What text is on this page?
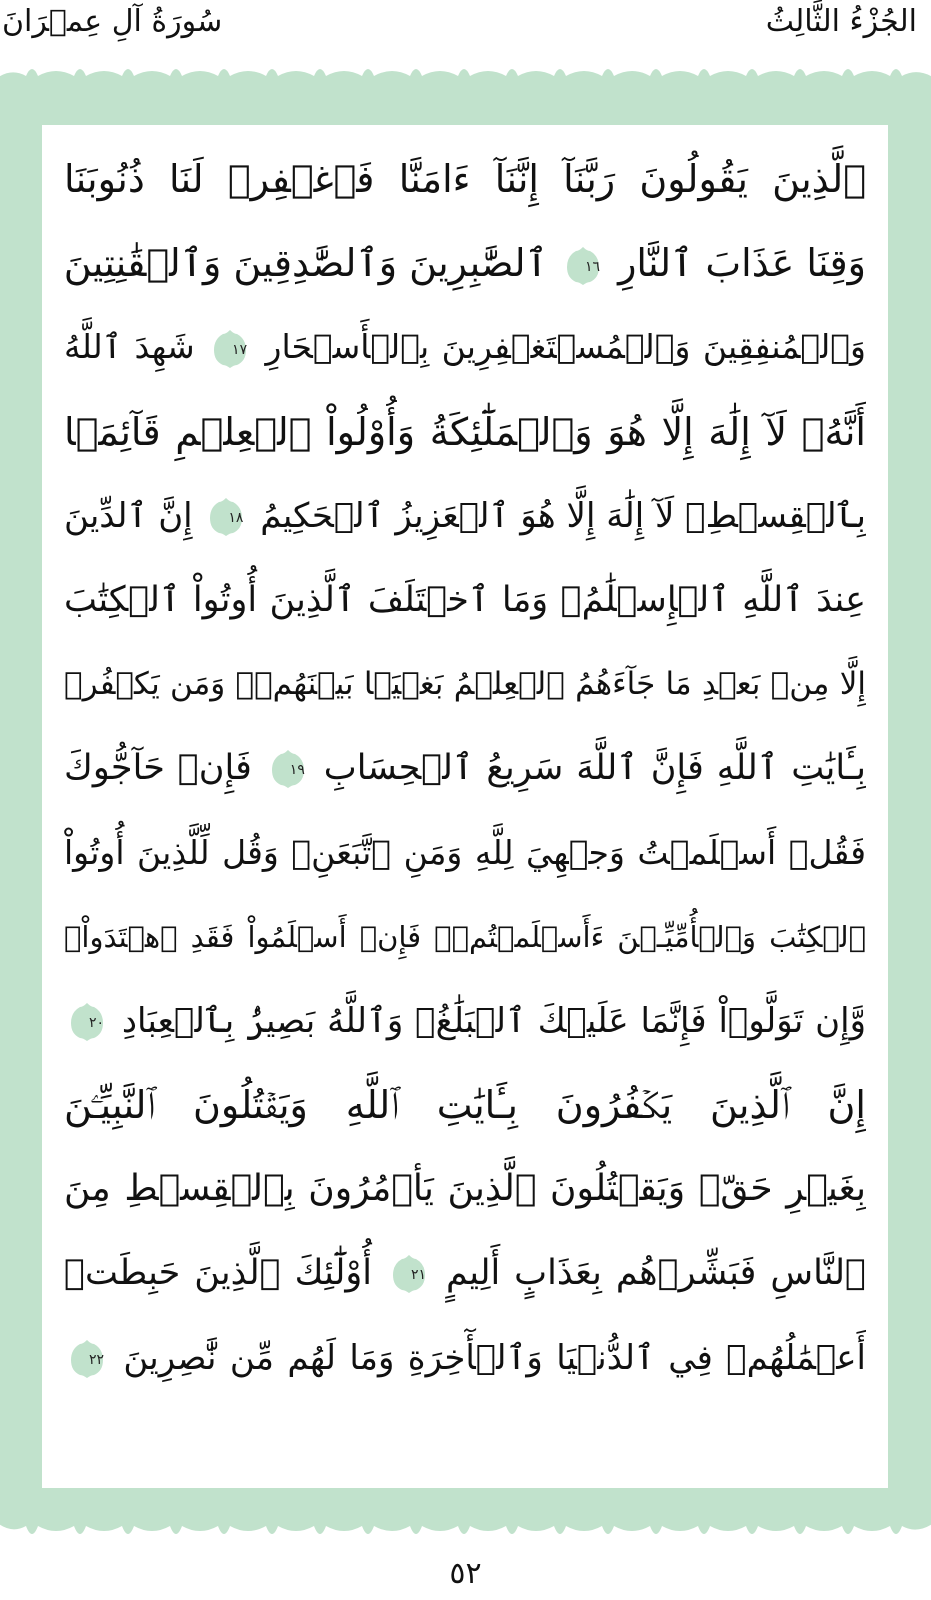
الجُزْءُ الثَّالِثُ
سُورَةُ آلِ عِمۡرَانَ
ٱلَّذِينَ يَقُولُونَ رَبَّنَآ إِنَّنَآ ءَامَنَّا فَٱغۡفِرۡ لَنَا ذُنُوبَنَا
وَقِنَا عَذَابَ ٱلنَّارِ
١٦
ٱلصَّٰبِرِينَ وَٱلصَّٰدِقِينَ وَٱلۡقَٰنِتِينَ
وَٱلۡمُنفِقِينَ وَٱلۡمُسۡتَغۡفِرِينَ بِٱلۡأَسۡحَارِ
١٧
شَهِدَ ٱللَّهُ
أَنَّهُۥ لَآ إِلَٰهَ إِلَّا هُوَ وَٱلۡمَلَٰٓئِكَةُ وَأُوْلُواْ ٱلۡعِلۡمِ قَآئِمَۢا
بِٱلۡقِسۡطِۚ لَآ إِلَٰهَ إِلَّا هُوَ ٱلۡعَزِيزُ ٱلۡحَكِيمُ
١٨
إِنَّ ٱلدِّينَ
عِندَ ٱللَّهِ ٱلۡإِسۡلَٰمُۗ وَمَا ٱخۡتَلَفَ ٱلَّذِينَ أُوتُواْ ٱلۡكِتَٰبَ
إِلَّا مِنۢ بَعۡدِ مَا جَآءَهُمُ ٱلۡعِلۡمُ بَغۡيَۢا بَيۡنَهُمۡۗ وَمَن يَكۡفُرۡ
بِـَٔايَٰتِ ٱللَّهِ فَإِنَّ ٱللَّهَ سَرِيعُ ٱلۡحِسَابِ
١٩
فَإِنۡ حَآجُّوكَ
فَقُلۡ أَسۡلَمۡتُ وَجۡهِيَ لِلَّهِ وَمَنِ ٱتَّبَعَنِۗ وَقُل لِّلَّذِينَ أُوتُواْ
ٱلۡكِتَٰبَ وَٱلۡأُمِّيِّـۧنَ ءَأَسۡلَمۡتُمۡۚ فَإِنۡ أَسۡلَمُواْ فَقَدِ ٱهۡتَدَواْۖ
وَّإِن تَوَلَّوۡاْ فَإِنَّمَا عَلَيۡكَ ٱلۡبَلَٰغُۗ وَٱللَّهُ بَصِيرُۢ بِٱلۡعِبَادِ
٢٠
إِنَّ ٱلَّذِينَ يَكۡفُرُونَ بِـَٔايَٰتِ ٱللَّهِ وَيَقۡتُلُونَ ٱلنَّبِيِّـۧنَ
بِغَيۡرِ حَقّٖ وَيَقۡتُلُونَ ٱلَّذِينَ يَأۡمُرُونَ بِٱلۡقِسۡطِ مِنَ
ٱلنَّاسِ فَبَشِّرۡهُم بِعَذَابٍ أَلِيمٍ
٢١
أُوْلَٰٓئِكَ ٱلَّذِينَ حَبِطَتۡ
أَعۡمَٰلُهُمۡ فِي ٱلدُّنۡيَا وَٱلۡأٓخِرَةِ وَمَا لَهُم مِّن نَّٰصِرِينَ
٢٢
٥٢
